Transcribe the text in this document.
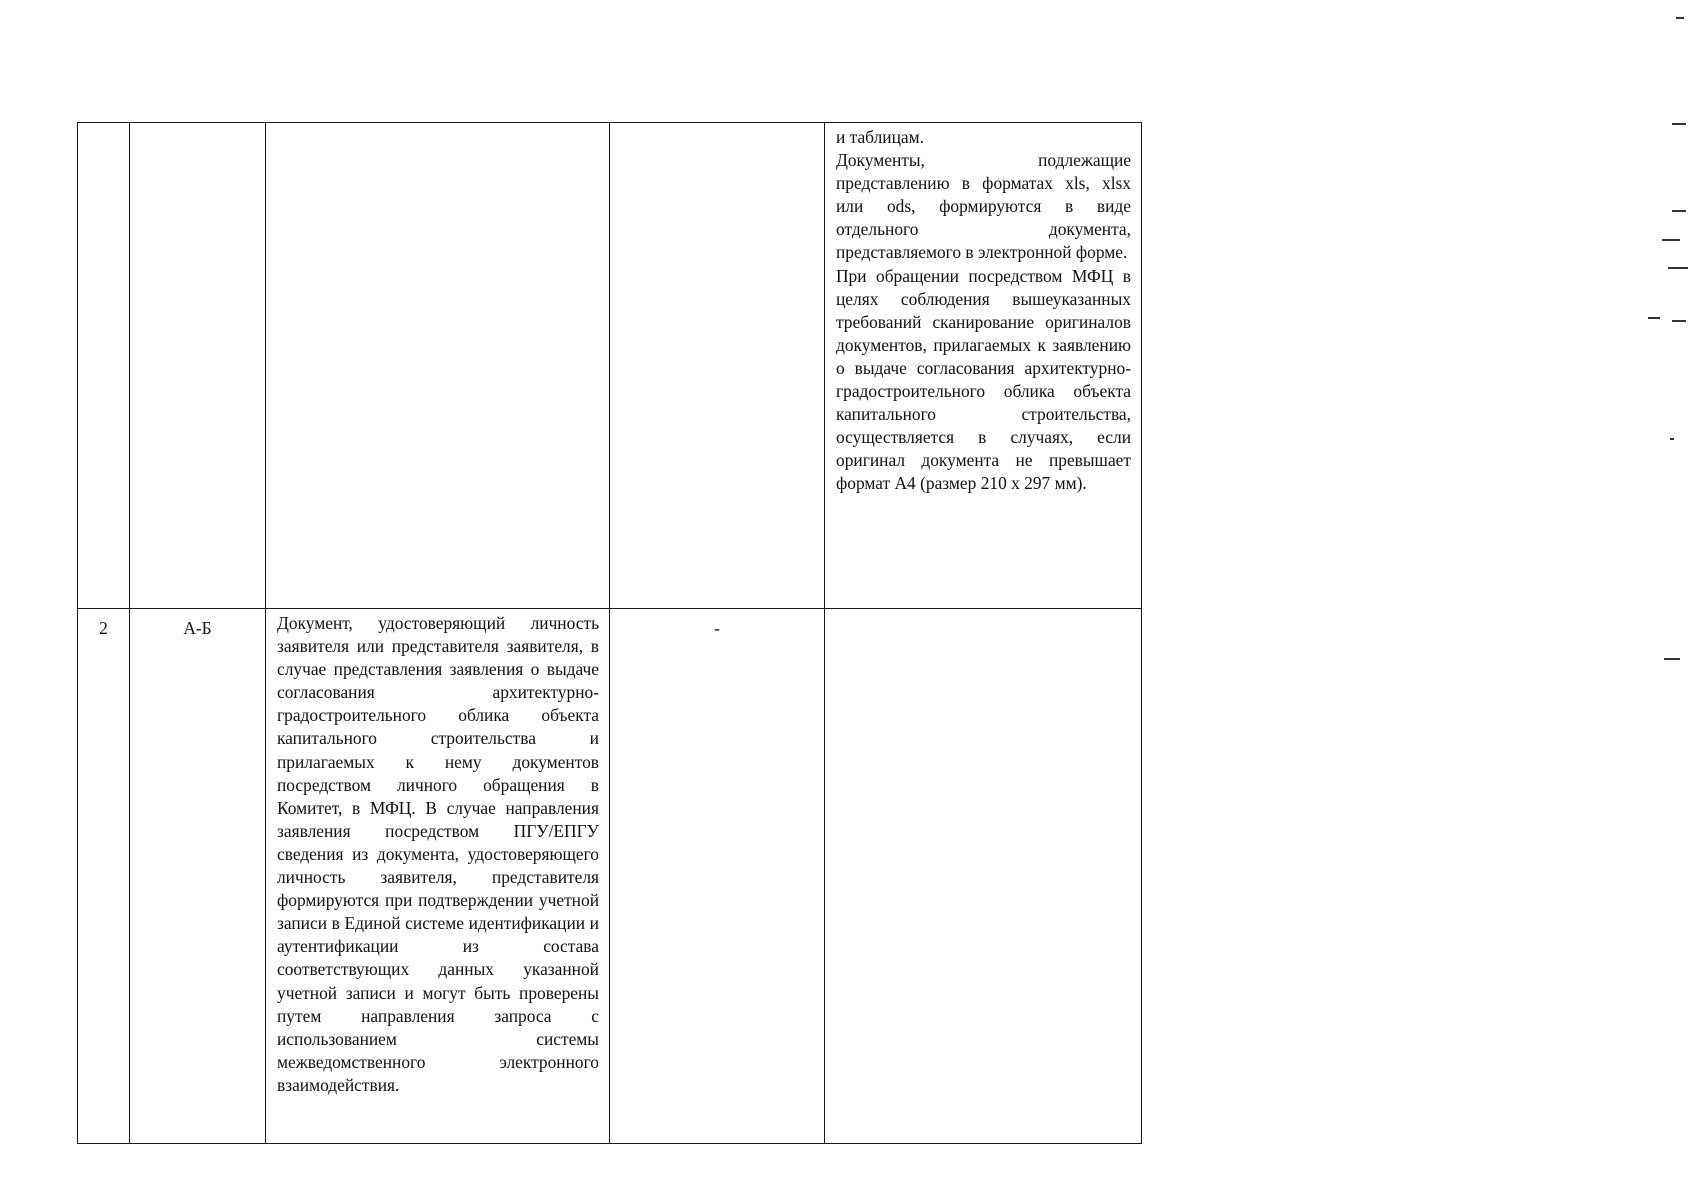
				и таблицам.

Документы, подлежащие представлению в форматах xls, xlsx или ods, формируются в виде отдельного документа, представляемого в электронной форме.

При обращении посредством МФЦ в целях соблюдения вышеуказанных требований сканирование оригиналов документов, прилагаемых к заявлению о выдаче согласования архитектурно-градостроительного облика объекта капитального строительства, осуществляется в случаях, если оригинал документа не превышает формат А4 (размер 210 х 297 мм).

2	А-Б	Документ, удостоверяющий личность заявителя или представителя заявителя, в случае представления заявления о выдаче согласования архитектурно-градостроительного облика объекта капитального строительства и прилагаемых к нему документов посредством личного обращения в Комитет, в МФЦ. В случае направления заявления посредством ПГУ/ЕПГУ сведения из документа, удостоверяющего личность заявителя, представителя формируются при подтверждении учетной записи в Единой системе идентификации и аутентификации из состава соответствующих данных указанной учетной записи и могут быть проверены путем направления запроса с использованием системы межведомственного электронного взаимодействия.	-	
